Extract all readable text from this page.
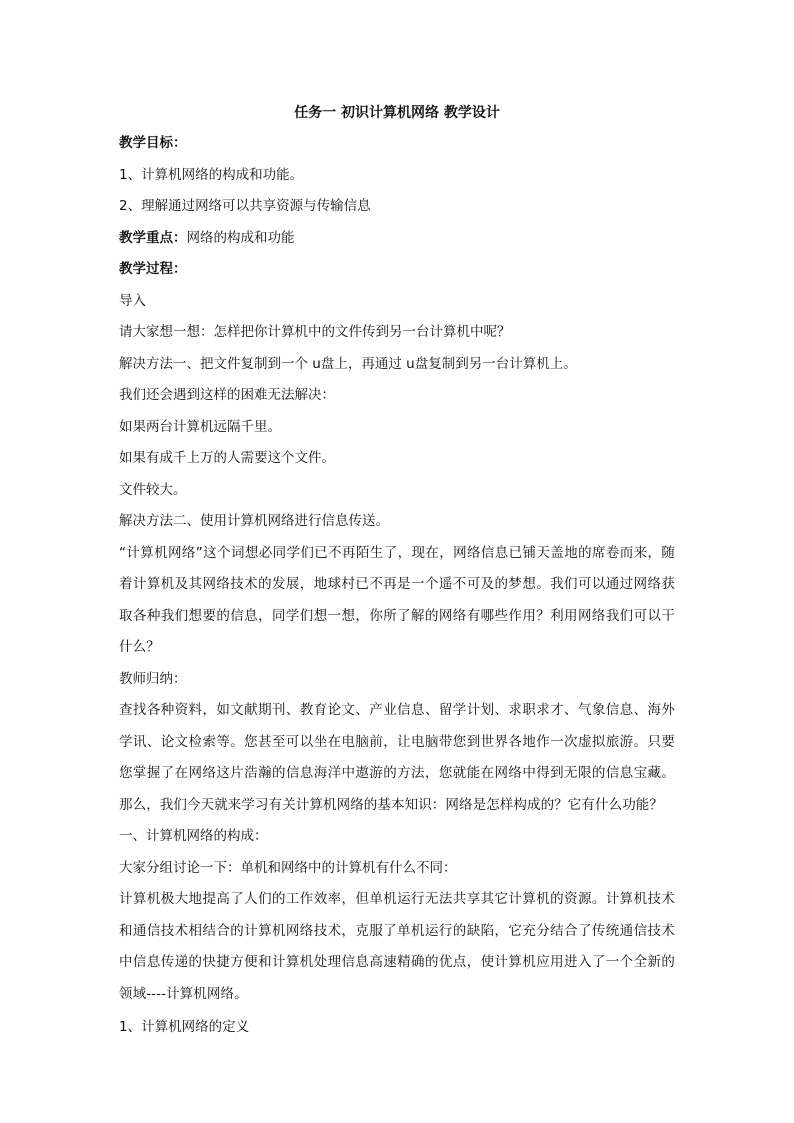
任务一 初识计算机网络 教学设计

教学目标：

1、计算机网络的构成和功能。

2、理解通过网络可以共享资源与传输信息

教学重点：网络的构成和功能

教学过程：

导入

请大家想一想：怎样把你计算机中的文件传到另一台计算机中呢？

解决方法一、把文件复制到一个 u盘上，再通过 u盘复制到另一台计算机上。

我们还会遇到这样的困难无法解决：

如果两台计算机远隔千里。

如果有成千上万的人需要这个文件。

文件较大。

解决方法二、使用计算机网络进行信息传送。

“计算机网络”这个词想必同学们已不再陌生了，现在，网络信息已铺天盖地的席卷而来，随着计算机及其网络技术的发展，地球村已不再是一个遥不可及的梦想。我们可以通过网络获取各种我们想要的信息，同学们想一想，你所了解的网络有哪些作用？利用网络我们可以干什么？

教师归纳：

查找各种资料，如文献期刊、教育论文、产业信息、留学计划、求职求才、气象信息、海外学讯、论文检索等。您甚至可以坐在电脑前，让电脑带您到世界各地作一次虚拟旅游。只要您掌握了在网络这片浩瀚的信息海洋中遨游的方法，您就能在网络中得到无限的信息宝藏。那么，我们今天就来学习有关计算机网络的基本知识：网络是怎样构成的？它有什么功能？

一、计算机网络的构成：

大家分组讨论一下：单机和网络中的计算机有什么不同：

计算机极大地提高了人们的工作效率，但单机运行无法共享其它计算机的资源。计算机技术和通信技术相结合的计算机网络技术，克服了单机运行的缺陷，它充分结合了传统通信技术中信息传递的快捷方便和计算机处理信息高速精确的优点，使计算机应用进入了一个全新的领域----计算机网络。

1、计算机网络的定义
